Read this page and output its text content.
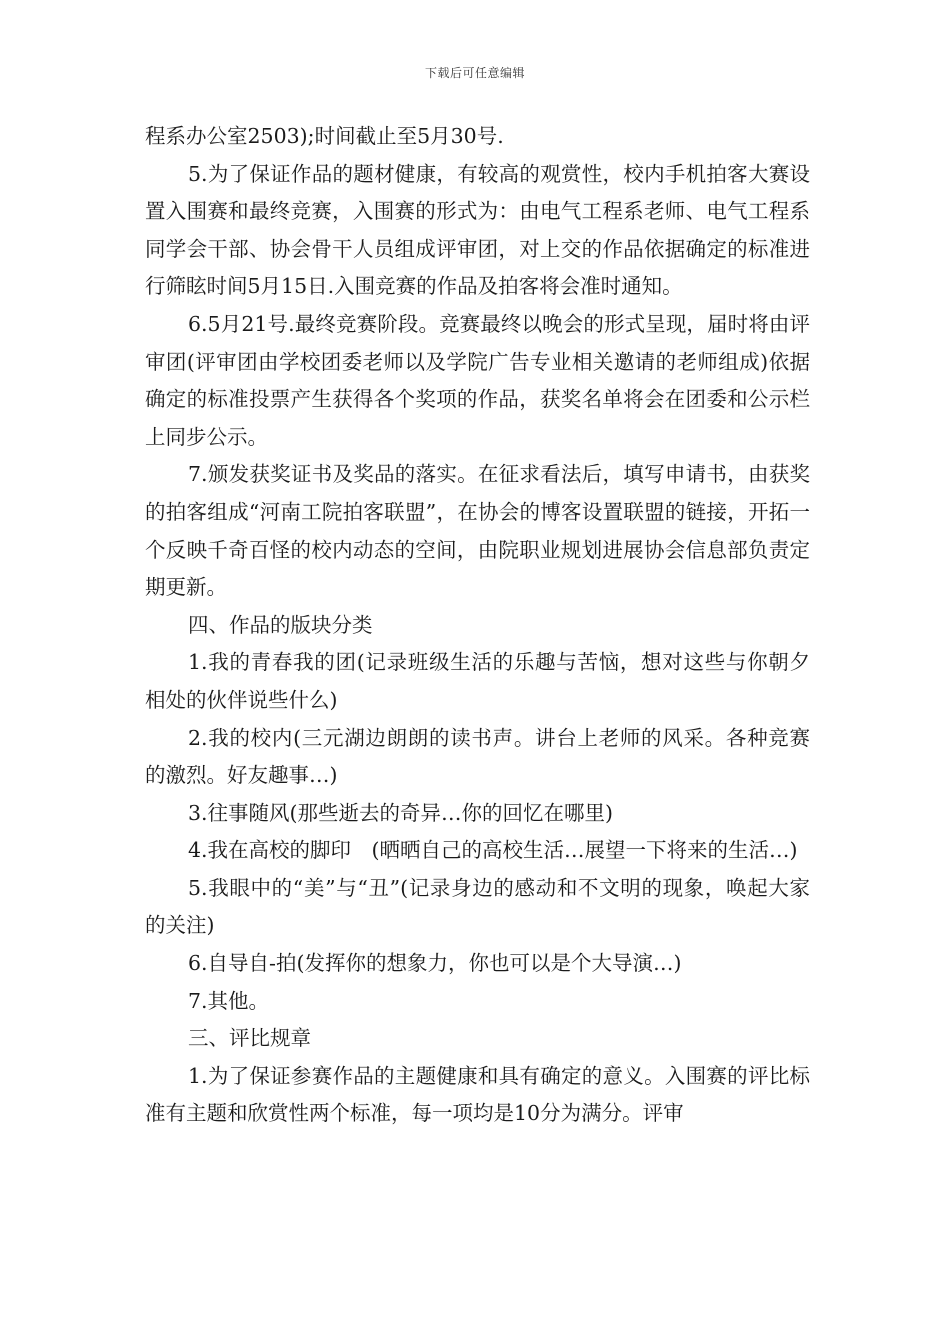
下载后可任意编辑

程系办公室2503);时间截止至5月30号.

5.为了保证作品的题材健康，有较高的观赏性，校内手机拍客大赛设置入围赛和最终竞赛，入围赛的形式为：由电气工程系老师、电气工程系同学会干部、协会骨干人员组成评审团，对上交的作品依据确定的标准进行筛眩时间5月15日.入围竞赛的作品及拍客将会准时通知。

6.5月21号.最终竞赛阶段。竞赛最终以晚会的形式呈现，届时将由评审团(评审团由学校团委老师以及学院广告专业相关邀请的老师组成)依据确定的标准投票产生获得各个奖项的作品，获奖名单将会在团委和公示栏上同步公示。

7.颁发获奖证书及奖品的落实。在征求看法后，填写申请书，由获奖的拍客组成“河南工院拍客联盟”，在协会的博客设置联盟的链接，开拓一个反映千奇百怪的校内动态的空间，由院职业规划进展协会信息部负责定期更新。

四、作品的版块分类

1.我的青春我的团(记录班级生活的乐趣与苦恼，想对这些与你朝夕相处的伙伴说些什么)

2.我的校内(三元湖边朗朗的读书声。讲台上老师的风采。各种竞赛的激烈。好友趣事…)

3.往事随风(那些逝去的奇异…你的回忆在哪里)

4.我在高校的脚印　(晒晒自己的高校生活…展望一下将来的生活…)

5.我眼中的“美”与“丑”(记录身边的感动和不文明的现象，唤起大家的关注)

6.自导自-拍(发挥你的想象力，你也可以是个大导演…)

7.其他。

三、评比规章

1.为了保证参赛作品的主题健康和具有确定的意义。入围赛的评比标准有主题和欣赏性两个标准，每一项均是10分为满分。评审
